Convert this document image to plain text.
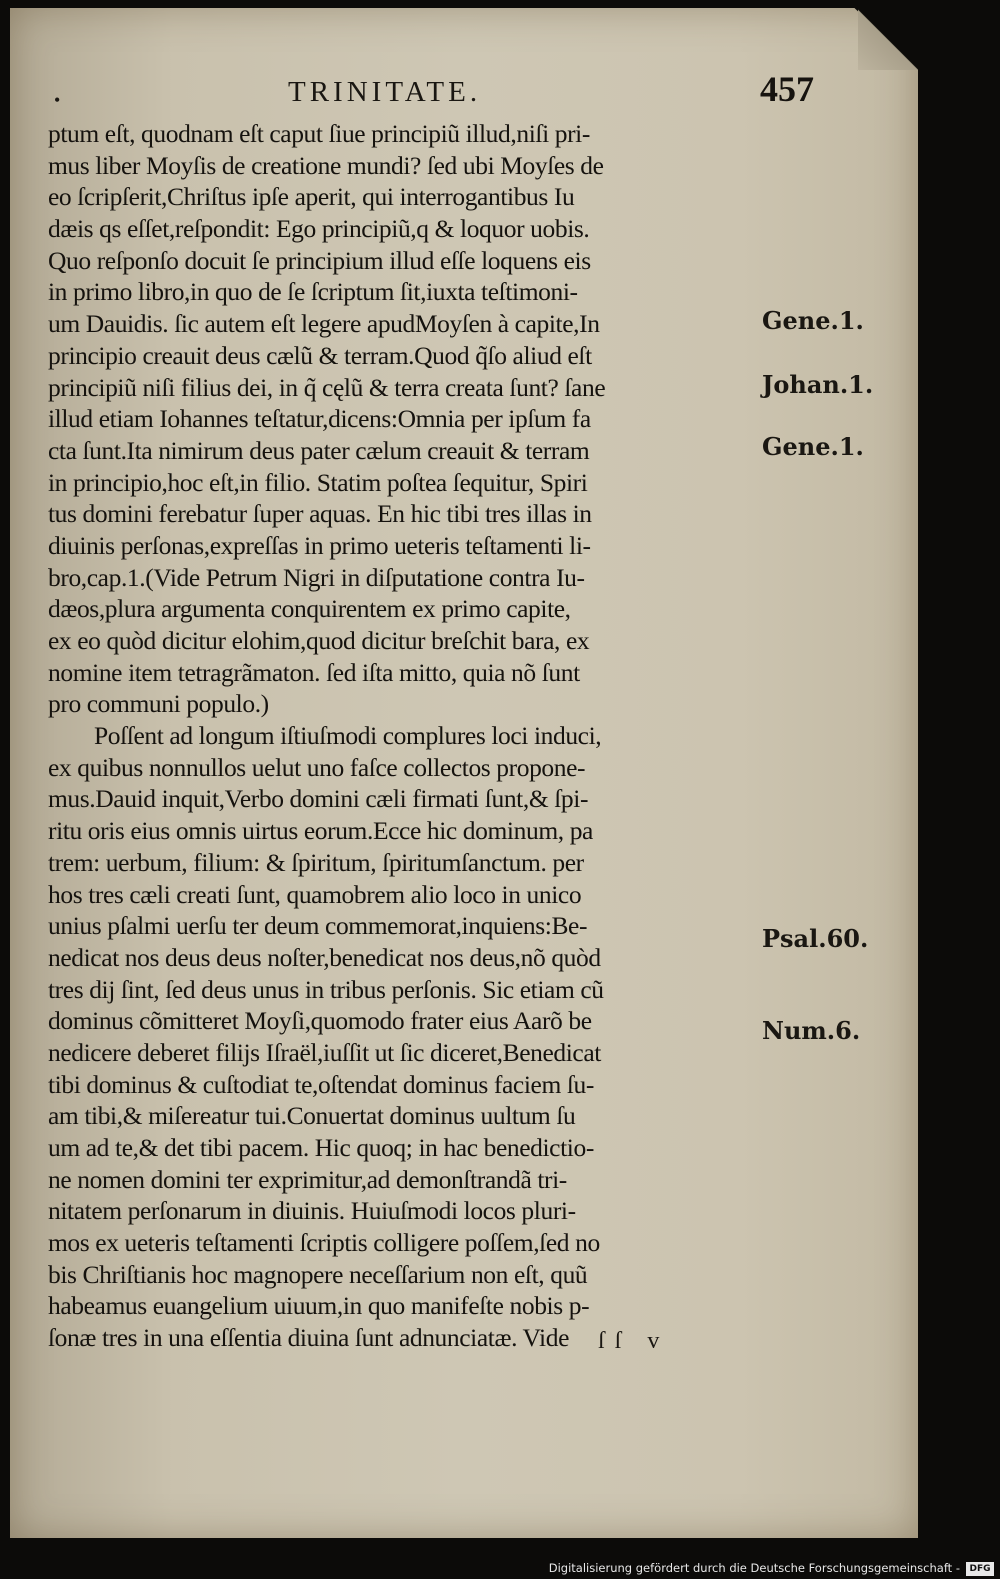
•	TRINITATE.	457
ptum eſt, quodnam eſt caput ſiue principiũ illud,niſi pri-
mus liber Moyſis de creatione mundi? ſed ubi Moyſes de
eo ſcripſerit,Chriſtus ipſe aperit, qui interrogantibus Iu
dæis qs eſſet,reſpondit: Ego principiũ,q & loquor uobis.
Quo reſponſo docuit ſe principium illud eſſe loquens eis
in primo libro,in quo de ſe ſcriptum ſit,iuxta teſtimoni-
um Dauidis. ſic autem eſt legere apudMoyſen à capite,In
principio creauit deus cælũ & terram.Quod q̃ſo aliud eſt
principiũ niſi filius dei, in q̃ cęlũ & terra creata ſunt? ſane
illud etiam Iohannes teſtatur,dicens:Omnia per ipſum fa
cta ſunt.Ita nimirum deus pater cælum creauit & terram
in principio,hoc eſt,in filio. Statim poſtea ſequitur, Spiri
tus domini ferebatur ſuper aquas. En hic tibi tres illas in
diuinis perſonas,expreſſas in primo ueteris teſtamenti li-
bro,cap.1.(Vide Petrum Nigri in diſputatione contra Iu-
dæos,plura argumenta conquirentem ex primo capite,
ex eo quòd dicitur elohim,quod dicitur breſchit bara, ex
nomine item tetragrãmaton. ſed iſta mitto, quia nõ ſunt
pro communi populo.)
Poſſent ad longum iſtiuſmodi complures loci induci,
ex quibus nonnullos uelut uno faſce collectos propone-
mus.Dauid inquit,Verbo domini cæli firmati ſunt,& ſpi-
ritu oris eius omnis uirtus eorum.Ecce hic dominum, pa
trem: uerbum, filium: & ſpiritum, ſpiritumſanctum. per
hos tres cæli creati ſunt, quamobrem alio loco in unico
unius pſalmi uerſu ter deum commemorat,inquiens:Be-
nedicat nos deus deus noſter,benedicat nos deus,nõ quòd
tres dij ſint, ſed deus unus in tribus perſonis. Sic etiam cũ
dominus cõmitteret Moyſi,quomodo frater eius Aarõ be
nedicere deberet filijs Iſraël,iuſſit ut ſic diceret,Benedicat
tibi dominus & cuſtodiat te,oſtendat dominus faciem ſu-
am tibi,& miſereatur tui.Conuertat dominus uultum ſu
um ad te,& det tibi pacem. Hic quoq; in hac benedictio-
ne nomen domini ter exprimitur,ad demonſtrandã tri-
nitatem perſonarum in diuinis. Huiuſmodi locos pluri-
mos ex ueteris teſtamenti ſcriptis colligere poſſem,ſed no
bis Chriſtianis hoc magnopere neceſſarium non eſt, quũ
habeamus euangelium uiuum,in quo manifeſte nobis p-
ſonæ tres in una eſſentia diuina ſunt adnunciatæ. Vide
Gene.1.
Johan.1.
Gene.1.
Psal.60.
Num.6.
ſſ v
Digitalisierung gefördert durch die Deutsche Forschungsgemeinschaft -	DFG
